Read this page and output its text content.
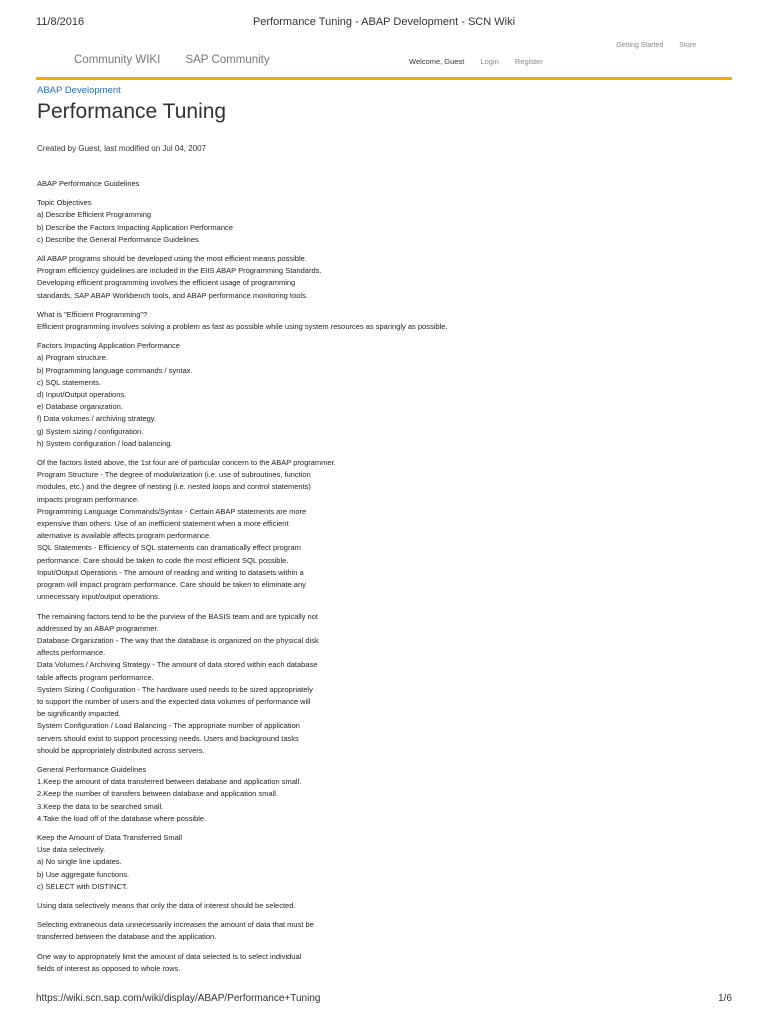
11/8/2016	Performance Tuning - ABAP Development - SCN Wiki
Getting Started Store
Community WIKI SAP Community	Welcome, Guest Login Register
ABAP Development
Performance Tuning
Created by Guest, last modified on Jul 04, 2007

ABAP Performance Guidelines

Topic Objectives
a) Describe Efficient Programming
b) Describe the Factors Impacting Application Performance
c) Describe the General Performance Guidelines

All ABAP programs should be developed using the most efficient means possible.
Program efficiency guidelines are included in the EIIS ABAP Programming Standards.
Developing efficient programming involves the efficient usage of programming
standards, SAP ABAP Workbench tools, and ABAP performance monitoring tools.

What is "Efficient Programming"?
Efficient programming involves solving a problem as fast as possible while using system resources as sparingly as possible.

Factors Impacting Application Performance
a) Program structure.
b) Programming language commands / syntax.
c) SQL statements.
d) Input/Output operations.
e) Database organization.
f) Data volumes / archiving strategy.
g) System sizing / configuration.
h) System configuration / load balancing.

Of the factors listed above, the 1st four are of particular concern to the ABAP programmer.
Program Structure - The degree of modularization (i.e. use of subroutines, function
modules, etc.) and the degree of nesting (i.e. nested loops and control statements)
impacts program performance.
Programming Language Commands/Syntax - Certain ABAP statements are more
expensive than others. Use of an inefficient statement when a more efficient
alternative is available affects program performance.
SQL Statements - Efficiency of SQL statements can dramatically effect program
performance. Care should be taken to code the most efficient SQL possible.
Input/Output Operations - The amount of reading and writing to datasets within a
program will impact program performance. Care should be taken to eliminate any
unnecessary input/output operations.

The remaining factors tend to be the purview of the BASIS team and are typically not
addressed by an ABAP programmer.
Database Organization - The way that the database is organized on the physical disk
affects performance.
Data Volumes / Archiving Strategy - The amount of data stored within each database
table affects program performance.
System Sizing / Configuration - The hardware used needs to be sized appropriately
to support the number of users and the expected data volumes of performance will
be significantly impacted.
System Configuration / Load Balancing - The appropriate number of application
servers should exist to support processing needs. Users and background tasks
should be appropriately distributed across servers.

General Performance Guidelines
1.Keep the amount of data transferred between database and application small.
2.Keep the number of transfers between database and application small.
3.Keep the data to be searched small.
4.Take the load off of the database where possible.

Keep the Amount of Data Transferred Small
Use data selectively.
a) No single line updates.
b) Use aggregate functions.
c) SELECT with DISTINCT.

Using data selectively means that only the data of interest should be selected.

Selecting extraneous data unnecessarily increases the amount of data that must be
transferred between the database and the application.

One way to appropriately limit the amount of data selected is to select individual
fields of interest as opposed to whole rows.

https://wiki.scn.sap.com/wiki/display/ABAP/Performance+Tuning	1/6
